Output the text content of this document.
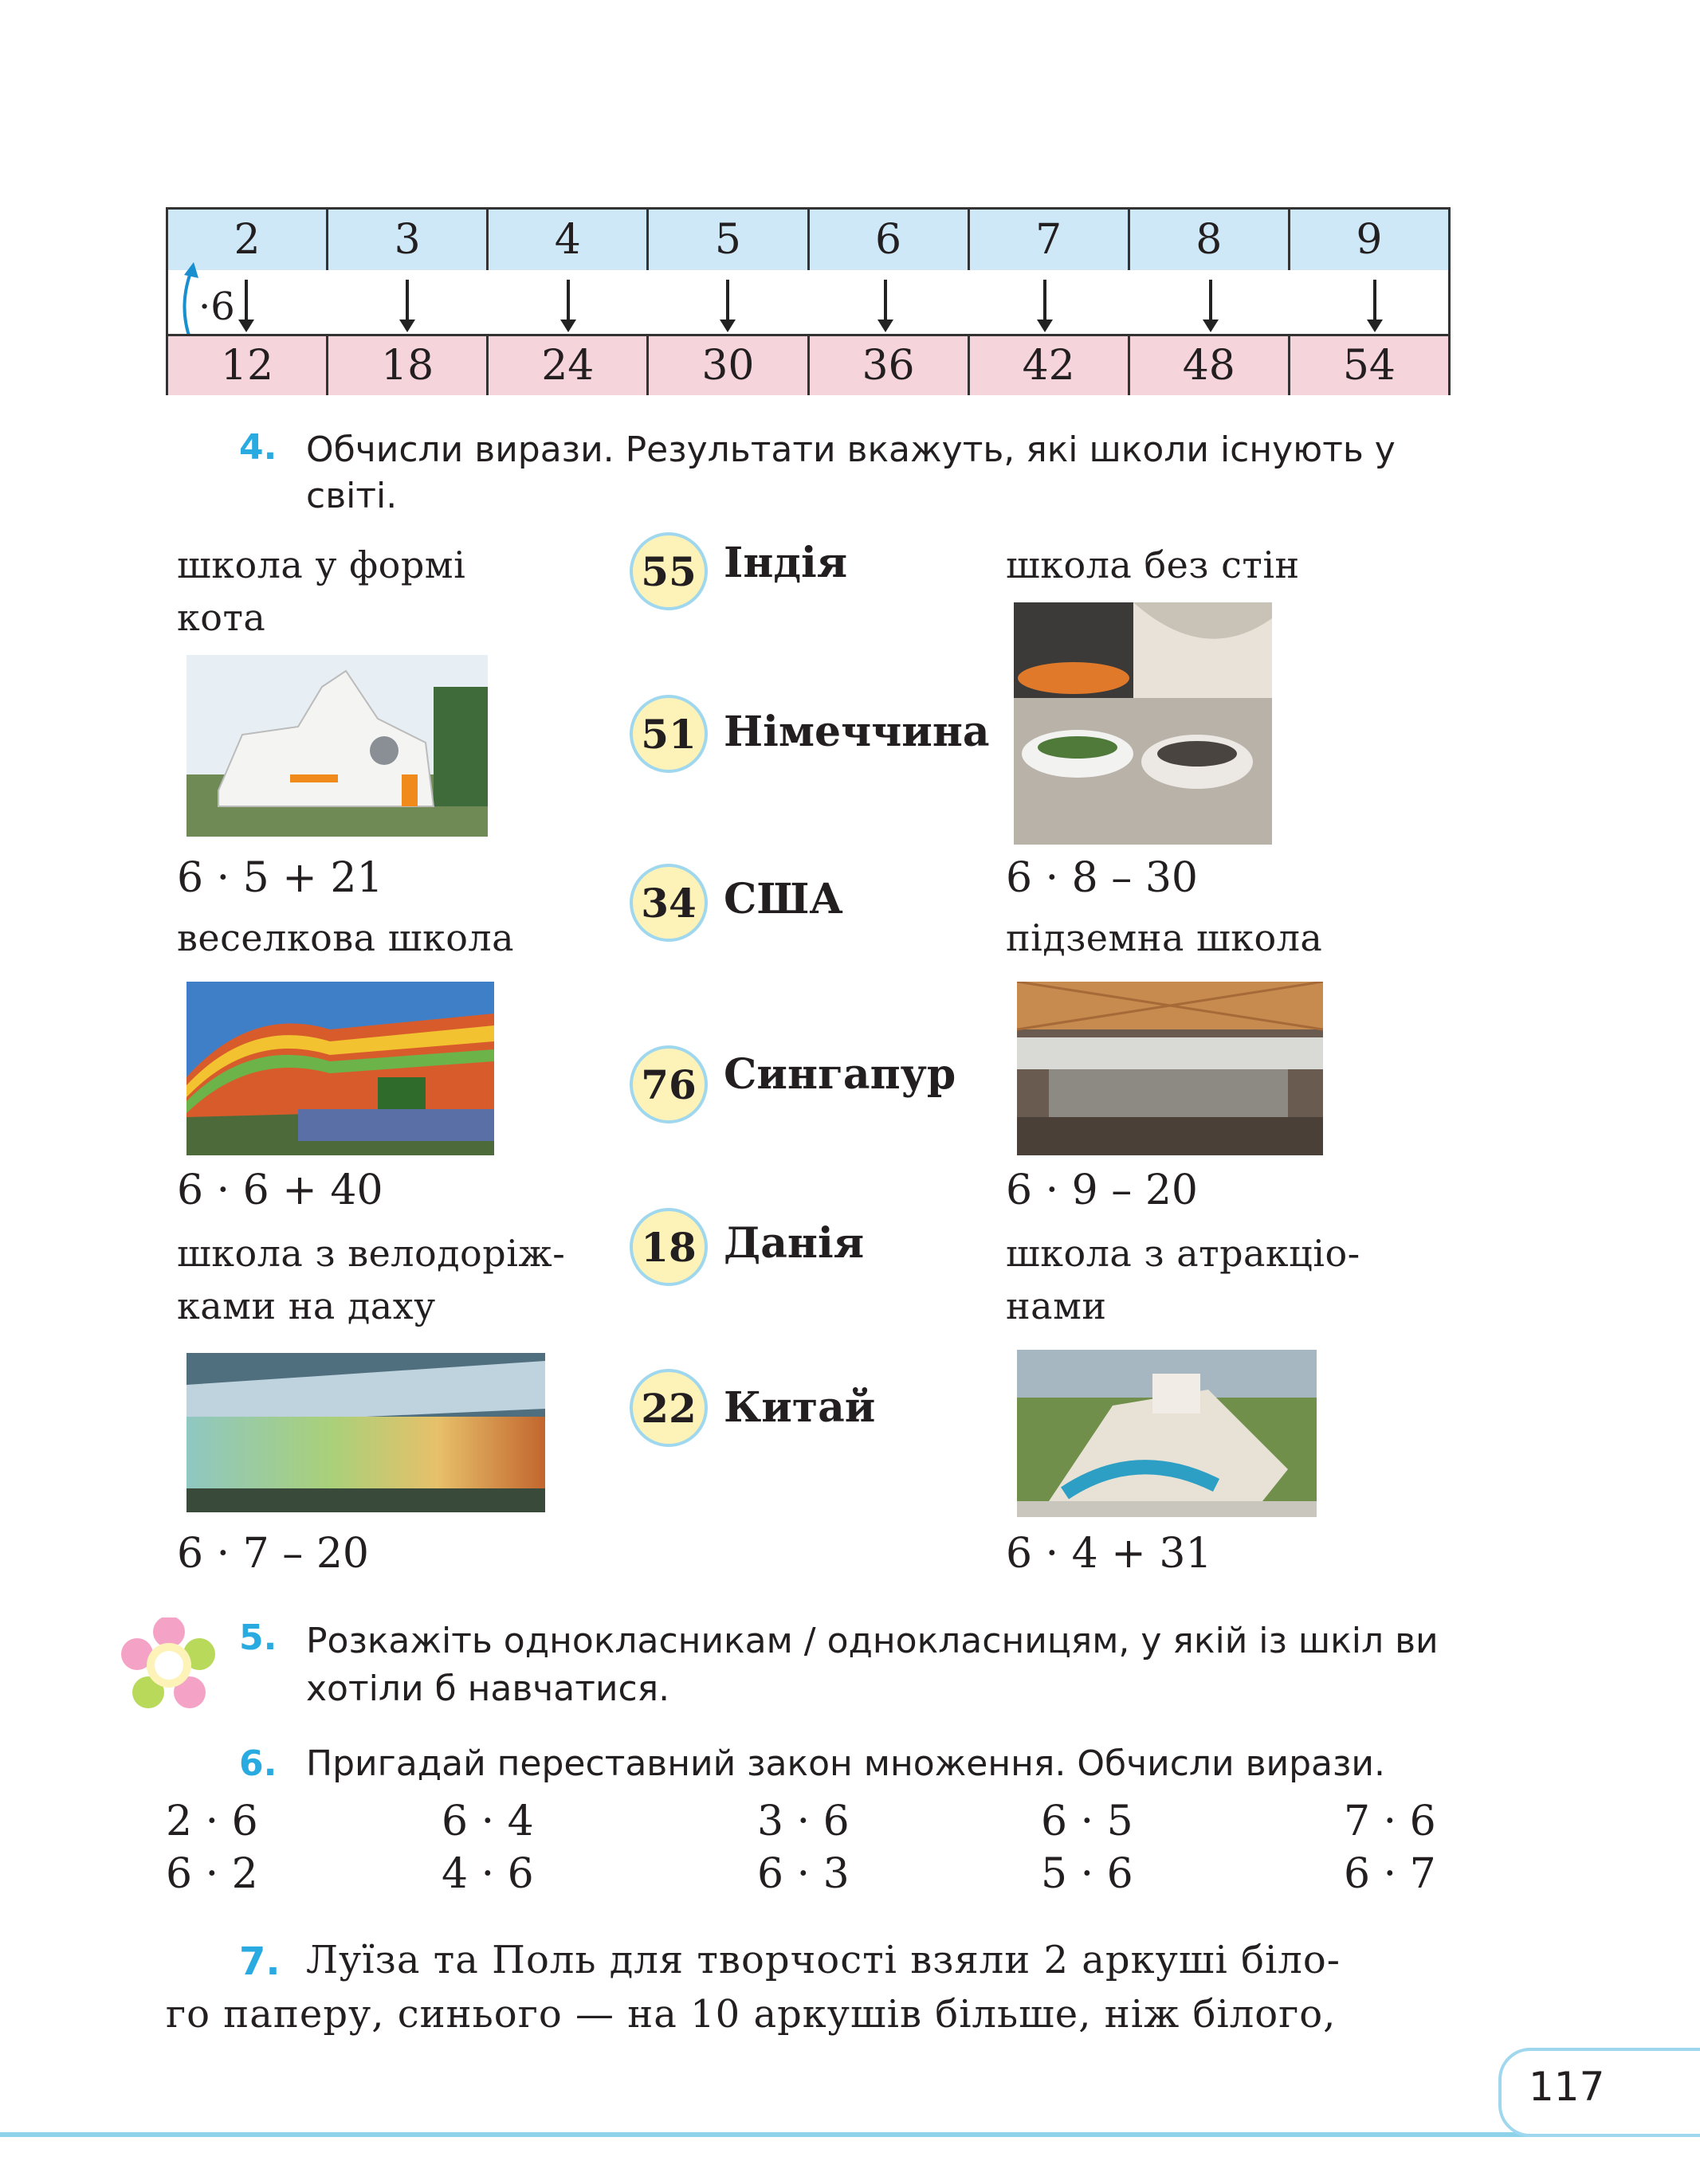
2	3	4	5	6	7	8	9
·6
12	18	24	30	36	42	48	54
4. Обчисли вирази. Результати вкажуть, які школи існують у світі.
школа у формі кота
6 · 5 + 21
веселкова школа
6 · 6 + 40
школа з велодоріж- ками на даху
6 · 7 – 20
55 Індія
51 Німеччина
34 США
76 Сингапур
18 Данія
22 Китай
школа без стін
6 · 8 – 30
підземна школа
6 · 9 – 20
школа з атракціо- нами
6 · 4 + 31
5. Розкажіть однокласникам / однокласницям, у якій із шкіл ви хотіли б навчатися.
6. Пригадай переставний закон множення. Обчисли вирази.
2 · 6	6 · 4	3 · 6	6 · 5	7 · 6
6 · 2	4 · 6	6 · 3	5 · 6	6 · 7
7. Луїза та Поль для творчості взяли 2 аркуші біло-
го паперу, синього — на 10 аркушів більше, ніж білого,
117
